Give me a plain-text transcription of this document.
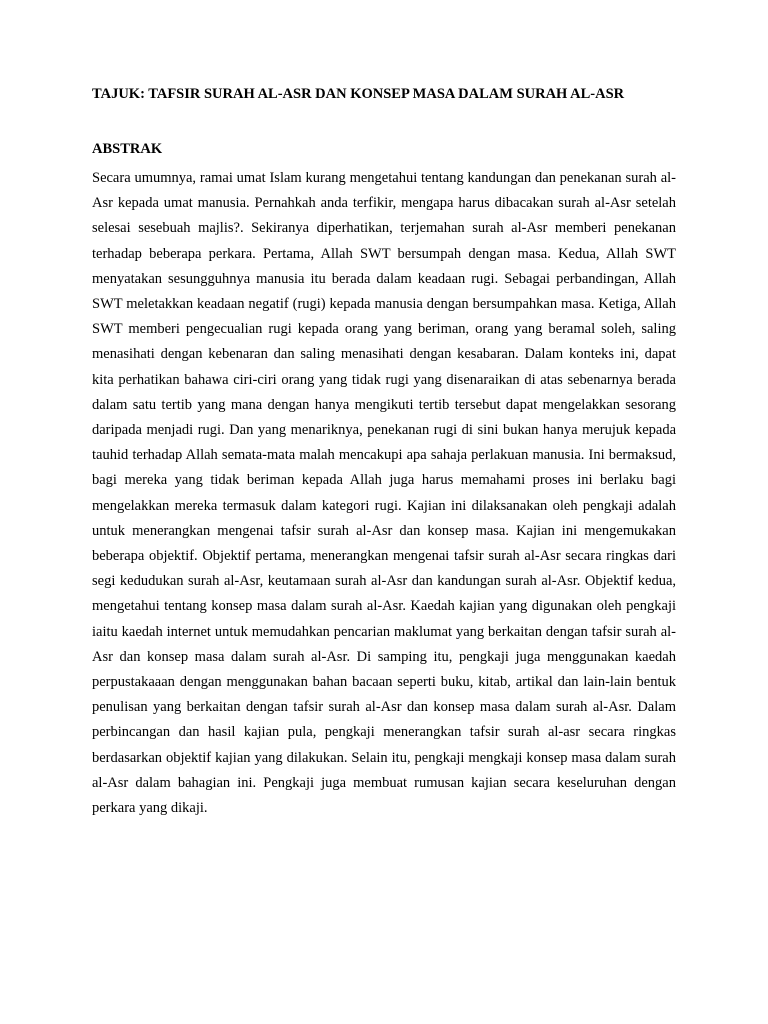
TAJUK: TAFSIR SURAH AL-ASR DAN KONSEP MASA DALAM SURAH AL-ASR
ABSTRAK

Secara umumnya, ramai umat Islam kurang mengetahui tentang kandungan dan penekanan surah al-Asr kepada umat manusia. Pernahkah anda terfikir, mengapa harus dibacakan surah al-Asr setelah selesai sesebuah majlis?. Sekiranya diperhatikan, terjemahan surah al-Asr memberi penekanan terhadap beberapa perkara. Pertama, Allah SWT bersumpah dengan masa. Kedua, Allah SWT menyatakan sesungguhnya manusia itu berada dalam keadaan rugi. Sebagai perbandingan, Allah SWT meletakkan keadaan negatif (rugi) kepada manusia dengan bersumpahkan masa. Ketiga, Allah SWT memberi pengecualian rugi kepada orang yang beriman, orang yang beramal soleh, saling menasihati dengan kebenaran dan saling menasihati dengan kesabaran. Dalam konteks ini, dapat kita perhatikan bahawa ciri-ciri orang yang tidak rugi yang disenaraikan di atas sebenarnya berada dalam satu tertib yang mana dengan hanya mengikuti tertib tersebut dapat mengelakkan sesorang daripada menjadi rugi. Dan yang menariknya, penekanan rugi di sini bukan hanya merujuk kepada tauhid terhadap Allah semata-mata malah mencakupi apa sahaja perlakuan manusia. Ini bermaksud, bagi mereka yang tidak beriman kepada Allah juga harus memahami proses ini berlaku bagi mengelakkan mereka termasuk dalam kategori rugi. Kajian ini dilaksanakan oleh pengkaji adalah untuk menerangkan mengenai tafsir surah al-Asr dan konsep masa. Kajian ini mengemukakan beberapa objektif. Objektif pertama, menerangkan mengenai tafsir surah al-Asr secara ringkas dari segi kedudukan surah al-Asr, keutamaan surah al-Asr dan kandungan surah al-Asr. Objektif kedua, mengetahui tentang konsep masa dalam surah al-Asr. Kaedah kajian yang digunakan oleh pengkaji iaitu kaedah internet untuk memudahkan pencarian maklumat yang berkaitan dengan tafsir surah al-Asr dan konsep masa dalam surah al-Asr. Di samping itu, pengkaji juga menggunakan kaedah perpustakaaan dengan menggunakan bahan bacaan seperti buku, kitab, artikal dan lain-lain bentuk penulisan yang berkaitan dengan tafsir surah al-Asr dan konsep masa dalam surah al-Asr. Dalam perbincangan dan hasil kajian pula, pengkaji menerangkan tafsir surah al-asr secara ringkas berdasarkan objektif kajian yang dilakukan. Selain itu, pengkaji mengkaji konsep masa dalam surah al-Asr dalam bahagian ini. Pengkaji juga membuat rumusan kajian secara keseluruhan dengan perkara yang dikaji.
